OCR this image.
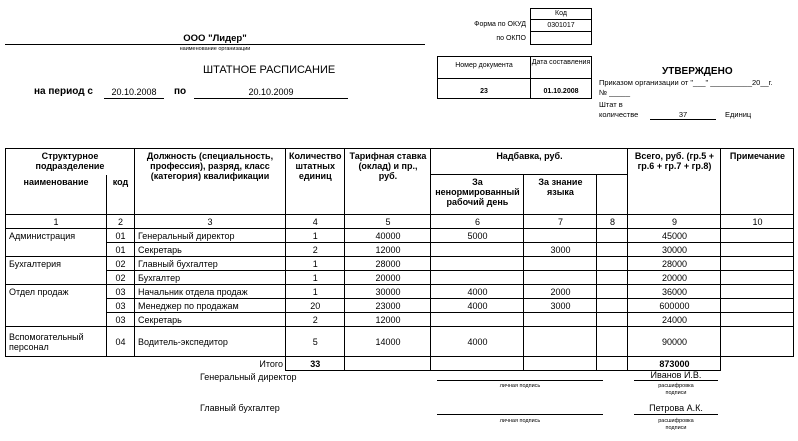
ООО "Лидер"
наименование организации
Код
Форма по ОКУД	0301017
по ОКПО
ШТАТНОЕ РАСПИСАНИЕ	Номер документа	Дата составления
23	01.10.2008
на период с	20.10.2008	по	20.10.2009
УТВЕРЖДЕНО
Приказом организации от "___" __________20__г.
№ _____
Штат в
количестве	37	Единиц
Структурное подразделение		Должность (специальность, профессия), разряд, класс (категория) квалификации	Количество штатных единиц	Тарифная ставка (оклад) и пр., руб.	Надбавка, руб.			Всего, руб. (гр.5 + гр.6 + гр.7 + гр.8)	Примечание
наименование	код				За ненормированный рабочий день	За знание языка			
1	2	3	4	5	6	7	8	9	10
Администрация	01	Генеральный директор	1	40000	5000			45000	
	01	Секретарь	2	12000		3000		30000	
Бухгалтерия	02	Главный бухгалтер	1	28000				28000	
	02	Бухгалтер	1	20000				20000	
Отдел продаж	03	Начальник отдела продаж	1	30000	4000	2000		36000	
	03	Менеджер по продажам	20	23000	4000	3000		600000	
	03	Секретарь	2	12000				24000	
Вспомогательный персонал	04	Водитель-экспедитор	5	14000	4000			90000	
Итого			33					873000	
Генеральный директор
личная подпись
Иванов И.В.
расшифровка
подписи
Главный бухгалтер
личная подпись
Петрова А.К.
расшифровка
подписи
